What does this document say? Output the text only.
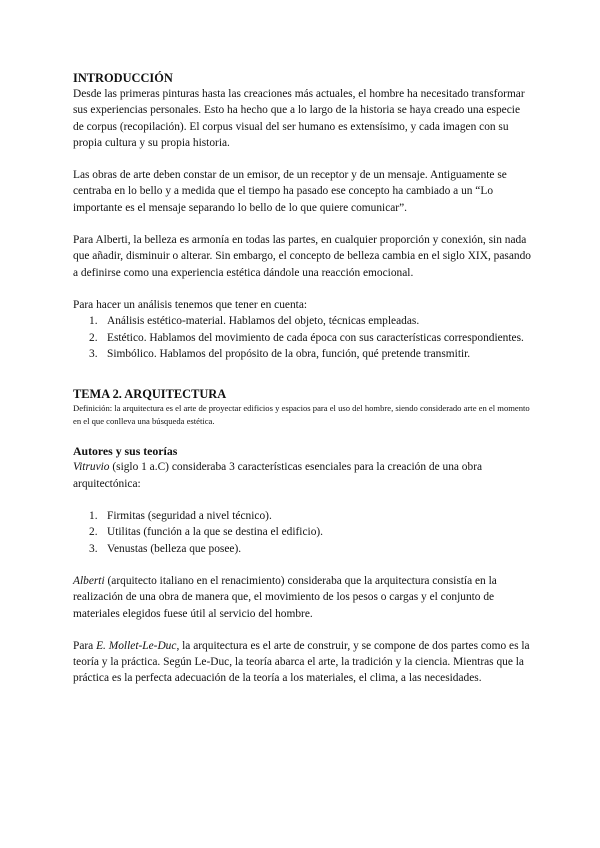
INTRODUCCIÓN

Desde las primeras pinturas hasta las creaciones más actuales, el hombre ha necesitado transformar sus experiencias personales. Esto ha hecho que a lo largo de la historia se haya creado una especie de corpus (recopilación). El corpus visual del ser humano es extensísimo, y cada imagen con su propia cultura y su propia historia.

Las obras de arte deben constar de un emisor, de un receptor y de un mensaje. Antiguamente se centraba en lo bello y a medida que el tiempo ha pasado ese concepto ha cambiado a un “Lo importante es el mensaje separando lo bello de lo que quiere comunicar”.

Para Alberti, la belleza es armonía en todas las partes, en cualquier proporción y conexión, sin nada que añadir, disminuir o alterar. Sin embargo, el concepto de belleza cambia en el siglo XIX, pasando a definirse como una experiencia estética dándole una reacción emocional.

Para hacer un análisis tenemos que tener en cuenta:

1. Análisis estético-material. Hablamos del objeto, técnicas empleadas.
2. Estético. Hablamos del movimiento de cada época con sus características correspondientes.
3. Simbólico. Hablamos del propósito de la obra, función, qué pretende transmitir.

TEMA 2. ARQUITECTURA

Definición: la arquitectura es el arte de proyectar edificios y espacios para el uso del hombre, siendo considerado arte en el momento en el que conlleva una búsqueda estética.

Autores y sus teorías

Vitruvio (siglo 1 a.C) consideraba 3 características esenciales para la creación de una obra arquitectónica:

1. Firmitas (seguridad a nivel técnico).
2. Utilitas (función a la que se destina el edificio).
3. Venustas (belleza que posee).

Alberti (arquitecto italiano en el renacimiento) consideraba que la arquitectura consistía en la realización de una obra de manera que, el movimiento de los pesos o cargas y el conjunto de materiales elegidos fuese útil al servicio del hombre.

Para E. Mollet-Le-Duc, la arquitectura es el arte de construir, y se compone de dos partes como es la teoría y la práctica. Según Le-Duc, la teoría abarca el arte, la tradición y la ciencia. Mientras que la práctica es la perfecta adecuación de la teoría a los materiales, el clima, a las necesidades.
